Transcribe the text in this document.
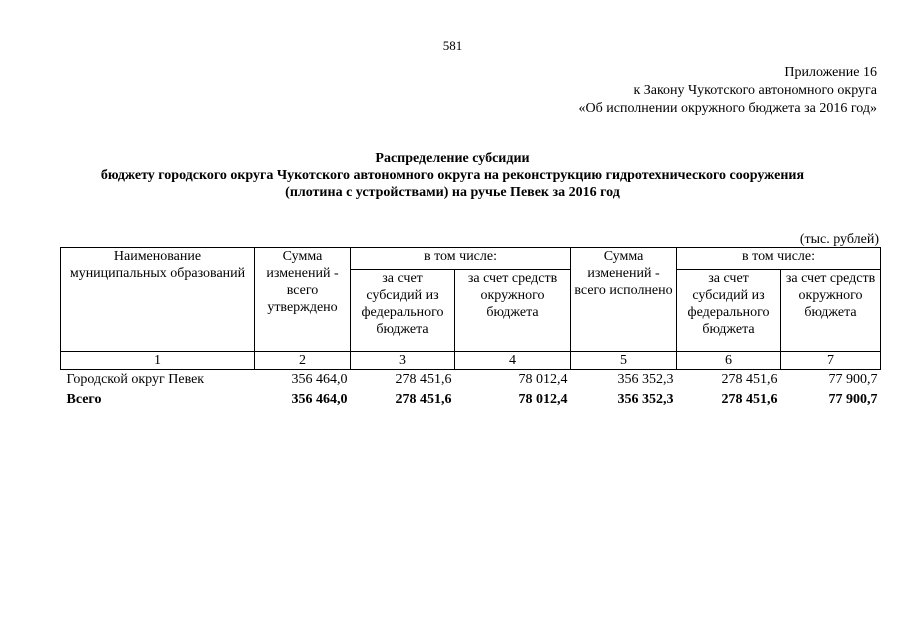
581
Приложение 16
к Закону Чукотского автономного округа
«Об исполнении окружного бюджета за 2016 год»
Распределение субсидии
бюджету городского округа Чукотского автономного округа на реконструкцию гидротехнического сооружения
(плотина с устройствами) на ручье Певек за 2016 год
(тыс. рублей)
Наименование муниципальных образований	Сумма изменений - всего утверждено	в том числе:		Сумма изменений - всего исполнено	в том числе:	
		за счет субсидий из федерального бюджета	за счет средств окружного бюджета		за счет субсидий из федерального бюджета	за счет средств окружного бюджета
1	2	3	4	5	6	7
Городской округ Певек	356 464,0	278 451,6	78 012,4	356 352,3	278 451,6	77 900,7
Всего	356 464,0	278 451,6	78 012,4	356 352,3	278 451,6	77 900,7
